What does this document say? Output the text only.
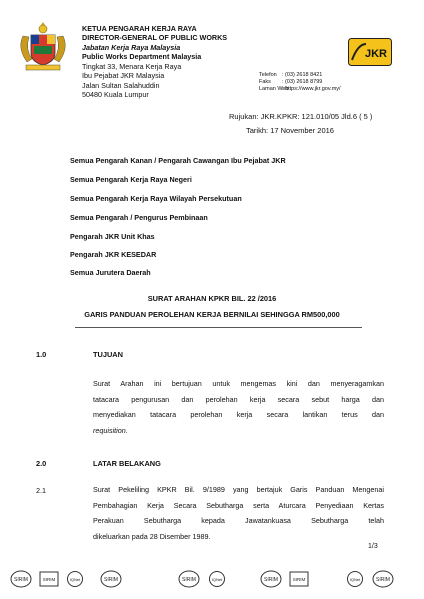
KETUA PENGARAH KERJA RAYA
DIRECTOR-GENERAL OF PUBLIC WORKS
Jabatan Kerja Raya Malaysia
Public Works Department Malaysia
Tingkat 33, Menara Kerja Raya
Ibu Pejabat JKR Malaysia
Jalan Sultan Salahuddin
50480 Kuala Lumpur
JKR
Telefon : (03) 2618 8421
Faks : (03) 2618 8799
Laman Web: https://www.jkr.gov.my/
Rujukan: JKR.KPKR: 121.010/05 Jld.6 ( 5 )
Tarikh: 17 November 2016
Semua Pengarah Kanan / Pengarah Cawangan Ibu Pejabat JKR
Semua Pengarah Kerja Raya Negeri
Semua Pengarah Kerja Raya Wilayah Persekutuan
Semua Pengarah / Pengurus Pembinaan
Pengarah JKR Unit Khas
Pengarah JKR KESEDAR
Semua Jurutera Daerah
SURAT ARAHAN KPKR BIL. 22 /2016
GARIS PANDUAN PEROLEHAN KERJA BERNILAI SEHINGGA RM500,000
1.0	TUJUAN
Surat Arahan ini bertujuan untuk mengemas kini dan menyeragamkan
tatacara pengurusan dan perolehan kerja secara sebut harga dan
menyediakan tatacara perolehan kerja secara lantikan terus dan
requisition.
2.0	LATAR BELAKANG
2.1	Surat Pekeliling KPKR Bil. 9/1989 yang bertajuk Garis Panduan Mengenai
Pembahagian Kerja Secara Sebutharga serta Aturcara Penyediaan Kertas
Perakuan Sebutharga kepada Jawatankuasa Sebutharga telah
dikeluarkan pada 28 Disember 1989.
1/3
SIRIM	SIRIM	IQNet	SIRIM	SIRIM	IQNet	SIRIM	SIRIM	IQNet	SIRIM
